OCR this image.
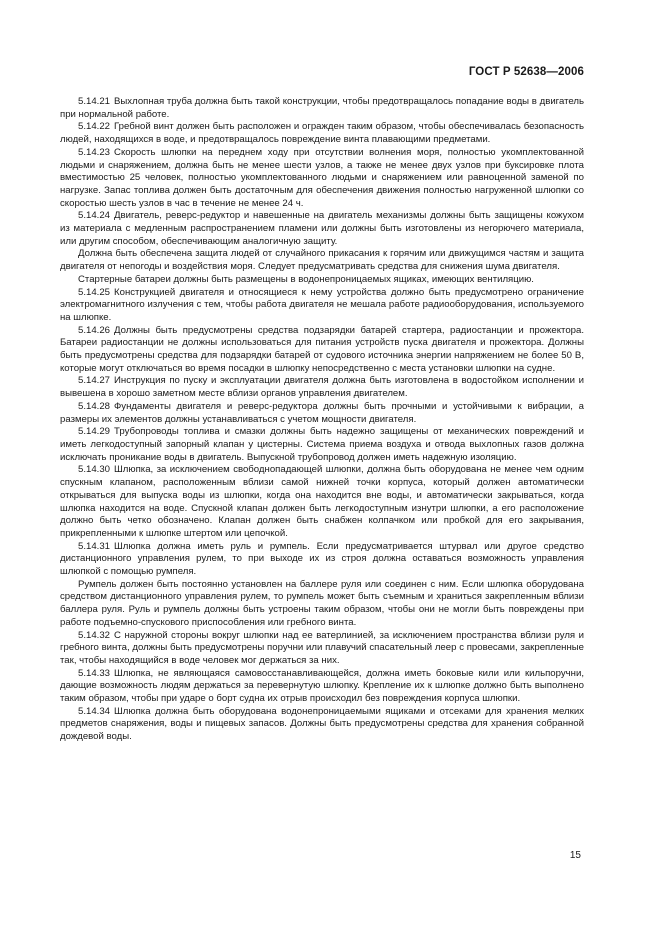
ГОСТ Р 52638—2006

5.14.21 Выхлопная труба должна быть такой конструкции, чтобы предотвращалось попадание воды в двигатель при нормальной работе.

5.14.22 Гребной винт должен быть расположен и огражден таким образом, чтобы обеспечивалась безопасность людей, находящихся в воде, и предотвращалось повреждение винта плавающими предметами.

5.14.23 Скорость шлюпки на переднем ходу при отсутствии волнения моря, полностью укомплектованной людьми и снаряжением, должна быть не менее шести узлов, а также не менее двух узлов при буксировке плота вместимостью 25 человек, полностью укомплектованного людьми и снаряжением или равноценной заменой по нагрузке. Запас топлива должен быть достаточным для обеспечения движения полностью нагруженной шлюпки со скоростью шесть узлов в час в течение не менее 24 ч.

5.14.24 Двигатель, реверс-редуктор и навешенные на двигатель механизмы должны быть защищены кожухом из материала с медленным распространением пламени или должны быть изготовлены из негорючего материала, или другим способом, обеспечивающим аналогичную защиту.

Должна быть обеспечена защита людей от случайного прикасания к горячим или движущимся частям и защита двигателя от непогоды и воздействия моря. Следует предусматривать средства для снижения шума двигателя.

Стартерные батареи должны быть размещены в водонепроницаемых ящиках, имеющих вентиляцию.

5.14.25 Конструкцией двигателя и относящиеся к нему устройства должно быть предусмотрено ограничение электромагнитного излучения с тем, чтобы работа двигателя не мешала работе радиооборудования, используемого на шлюпке.

5.14.26 Должны быть предусмотрены средства подзарядки батарей стартера, радиостанции и прожектора. Батареи радиостанции не должны использоваться для питания устройств пуска двигателя и прожектора. Должны быть предусмотрены средства для подзарядки батарей от судового источника энергии напряжением не более 50 В, которые могут отключаться во время посадки в шлюпку непосредственно с места установки шлюпки на судне.

5.14.27 Инструкция по пуску и эксплуатации двигателя должна быть изготовлена в водостойком исполнении и вывешена в хорошо заметном месте вблизи органов управления двигателем.

5.14.28 Фундаменты двигателя и реверс-редуктора должны быть прочными и устойчивыми к вибрации, а размеры их элементов должны устанавливаться с учетом мощности двигателя.

5.14.29 Трубопроводы топлива и смазки должны быть надежно защищены от механических повреждений и иметь легкодоступный запорный клапан у цистерны. Система приема воздуха и отвода выхлопных газов должна исключать проникание воды в двигатель. Выпускной трубопровод должен иметь надежную изоляцию.

5.14.30 Шлюпка, за исключением свободнопадающей шлюпки, должна быть оборудована не менее чем одним спускным клапаном, расположенным вблизи самой нижней точки корпуса, который должен автоматически открываться для выпуска воды из шлюпки, когда она находится вне воды, и автоматически закрываться, когда шлюпка находится на воде. Спускной клапан должен быть легкодоступным изнутри шлюпки, а его расположение должно быть четко обозначено. Клапан должен быть снабжен колпачком или пробкой для его закрывания, прикрепленными к шлюпке штертом или цепочкой.

5.14.31 Шлюпка должна иметь руль и румпель. Если предусматривается штурвал или другое средство дистанционного управления рулем, то при выходе их из строя должна оставаться возможность управления шлюпкой с помощью румпеля.

Румпель должен быть постоянно установлен на баллере руля или соединен с ним. Если шлюпка оборудована средством дистанционного управления рулем, то румпель может быть съемным и храниться закрепленным вблизи баллера руля. Руль и румпель должны быть устроены таким образом, чтобы они не могли быть повреждены при работе подъемно-спускового приспособления или гребного винта.

5.14.32 С наружной стороны вокруг шлюпки над ее ватерлинией, за исключением пространства вблизи руля и гребного винта, должны быть предусмотрены поручни или плавучий спасательный леер с провесами, закрепленные так, чтобы находящийся в воде человек мог держаться за них.

5.14.33 Шлюпка, не являющаяся самовосстанавливающейся, должна иметь боковые кили или кильпоручни, дающие возможность людям держаться за перевернутую шлюпку. Крепление их к шлюпке должно быть выполнено таким образом, чтобы при ударе о борт судна их отрыв происходил без повреждения корпуса шлюпки.

5.14.34 Шлюпка должна быть оборудована водонепроницаемыми ящиками и отсеками для хранения мелких предметов снаряжения, воды и пищевых запасов. Должны быть предусмотрены средства для хранения собранной дождевой воды.

15
